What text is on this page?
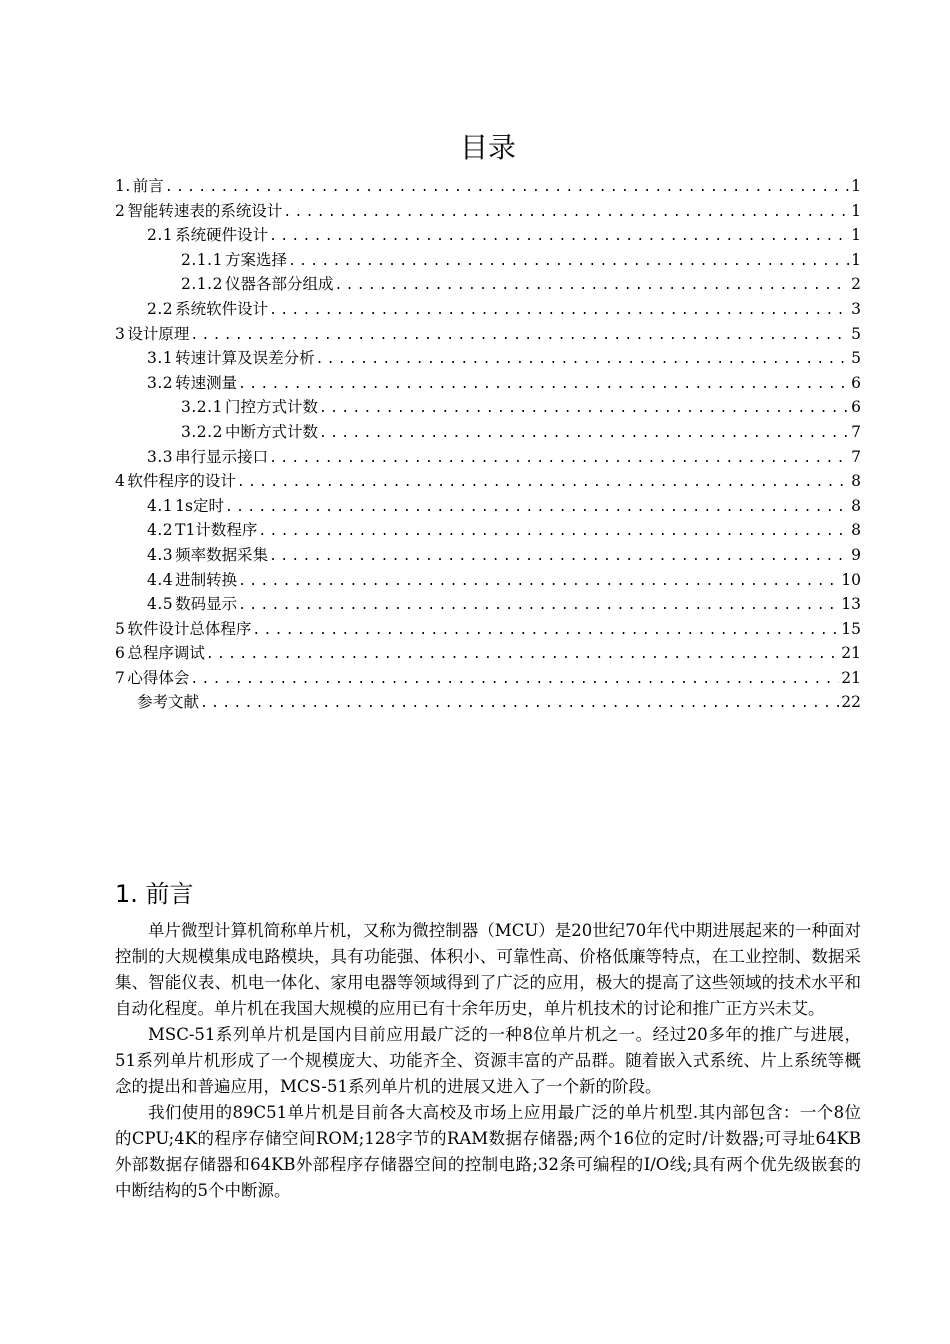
目录
1. 前言 .....	1
2 智能转速表的系统设计 .....	1
2.1 系统硬件设计 .....	1
2.1.1 方案选择 .....	1
2.1.2 仪器各部分组成 .....	2
2.2 系统软件设计 .....	3
3 设计原理 .....	5
3.1 转速计算及误差分析 .....	5
3.2 转速测量 .....	6
3.2.1 门控方式计数 .....	6
3.2.2 中断方式计数 .....	7
3.3 串行显示接口 .....	7
4 软件程序的设计 .....	8
4.1 1s定时 .....	8
4.2 T1计数程序 .....	8
4.3 频率数据采集 .....	9
4.4 进制转换 .....	10
4.5 数码显示 .....	13
5 软件设计总体程序 .....	15
6 总程序调试 .....	21
7 心得体会 .....	21
参考文献 .....	22
1. 前言

单片微型计算机简称单片机，又称为微控制器（MCU）是20世纪70年代中期进展起来的一种面对控制的大规模集成电路模块，具有功能强、体积小、可靠性高、价格低廉等特点，在工业控制、数据采集、智能仪表、机电一体化、家用电器等领域得到了广泛的应用，极大的提高了这些领域的技术水平和自动化程度。单片机在我国大规模的应用已有十余年历史，单片机技术的讨论和推广正方兴未艾。

MSC-51系列单片机是国内目前应用最广泛的一种8位单片机之一。经过20多年的推广与进展，51系列单片机形成了一个规模庞大、功能齐全、资源丰富的产品群。随着嵌入式系统、片上系统等概念的提出和普遍应用，MCS-51系列单片机的进展又进入了一个新的阶段。

我们使用的89C51单片机是目前各大高校及市场上应用最广泛的单片机型.其内部包含：一个8位的CPU;4K的程序存储空间ROM;128字节的RAM数据存储器;两个16位的定时/计数器;可寻址64KB外部数据存储器和64KB外部程序存储器空间的控制电路;32条可编程的I/O线;具有两个优先级嵌套的中断结构的5个中断源。
